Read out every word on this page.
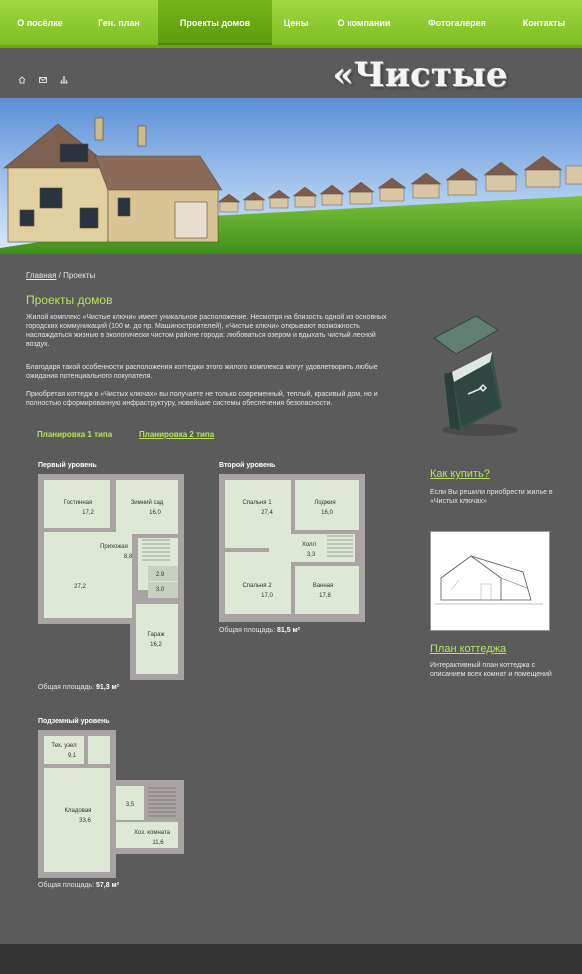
О посёлке	Ген. план	Проекты домов	Цены	О компании	Фотогалерея	Контакты
«Чистые
Главная / Проекты
Проекты домов

Жилой комплекс «Чистые ключи» имеет уникальное расположение. Несмотря на близость одной из основных городских коммуникаций (100 м. до пр. Машиностроителей), «Чистые ключи» открывают возможность наслаждаться жизнью в экологически чистом районе города: любоваться озером и вдыхать чистый лесной воздух.

Благодаря такой особенности расположения коттеджи этого жилого комплекса могут удовлетворить любые ожидания потенциального покупателя.

Приобретая коттедж в «Чистых ключах» вы получаете не только современный, теплый, красивый дом, но и полностью сформированную инфраструктуру, новейшие системы обеспечения безопасности.

Планировка 1 типа	Планировка 2 типа
Первый уровень
Гостинная
17,2
Зимний сад
16,0
Прихожая
8,8
27,2
2,9
3,0
Гараж
16,2
Общая площадь: 91,3 м²
Второй уровень
Спальня 1
27,4
Лоджия
16,0
Холл
3,3
Спальня 2
17,0
Ванная
17,8
Общая площадь: 81,5 м²
Подземный уровень
Тех. узел
9,1
Кладовая
33,6
3,5
Хоз. комната
11,6
Общая площадь: 57,8 м²
Как купить?

Если Вы решили приобрести жилье в «Чистых ключах»

План коттеджа

Интерактивный план коттеджа с описанием всех комнат и помещений
